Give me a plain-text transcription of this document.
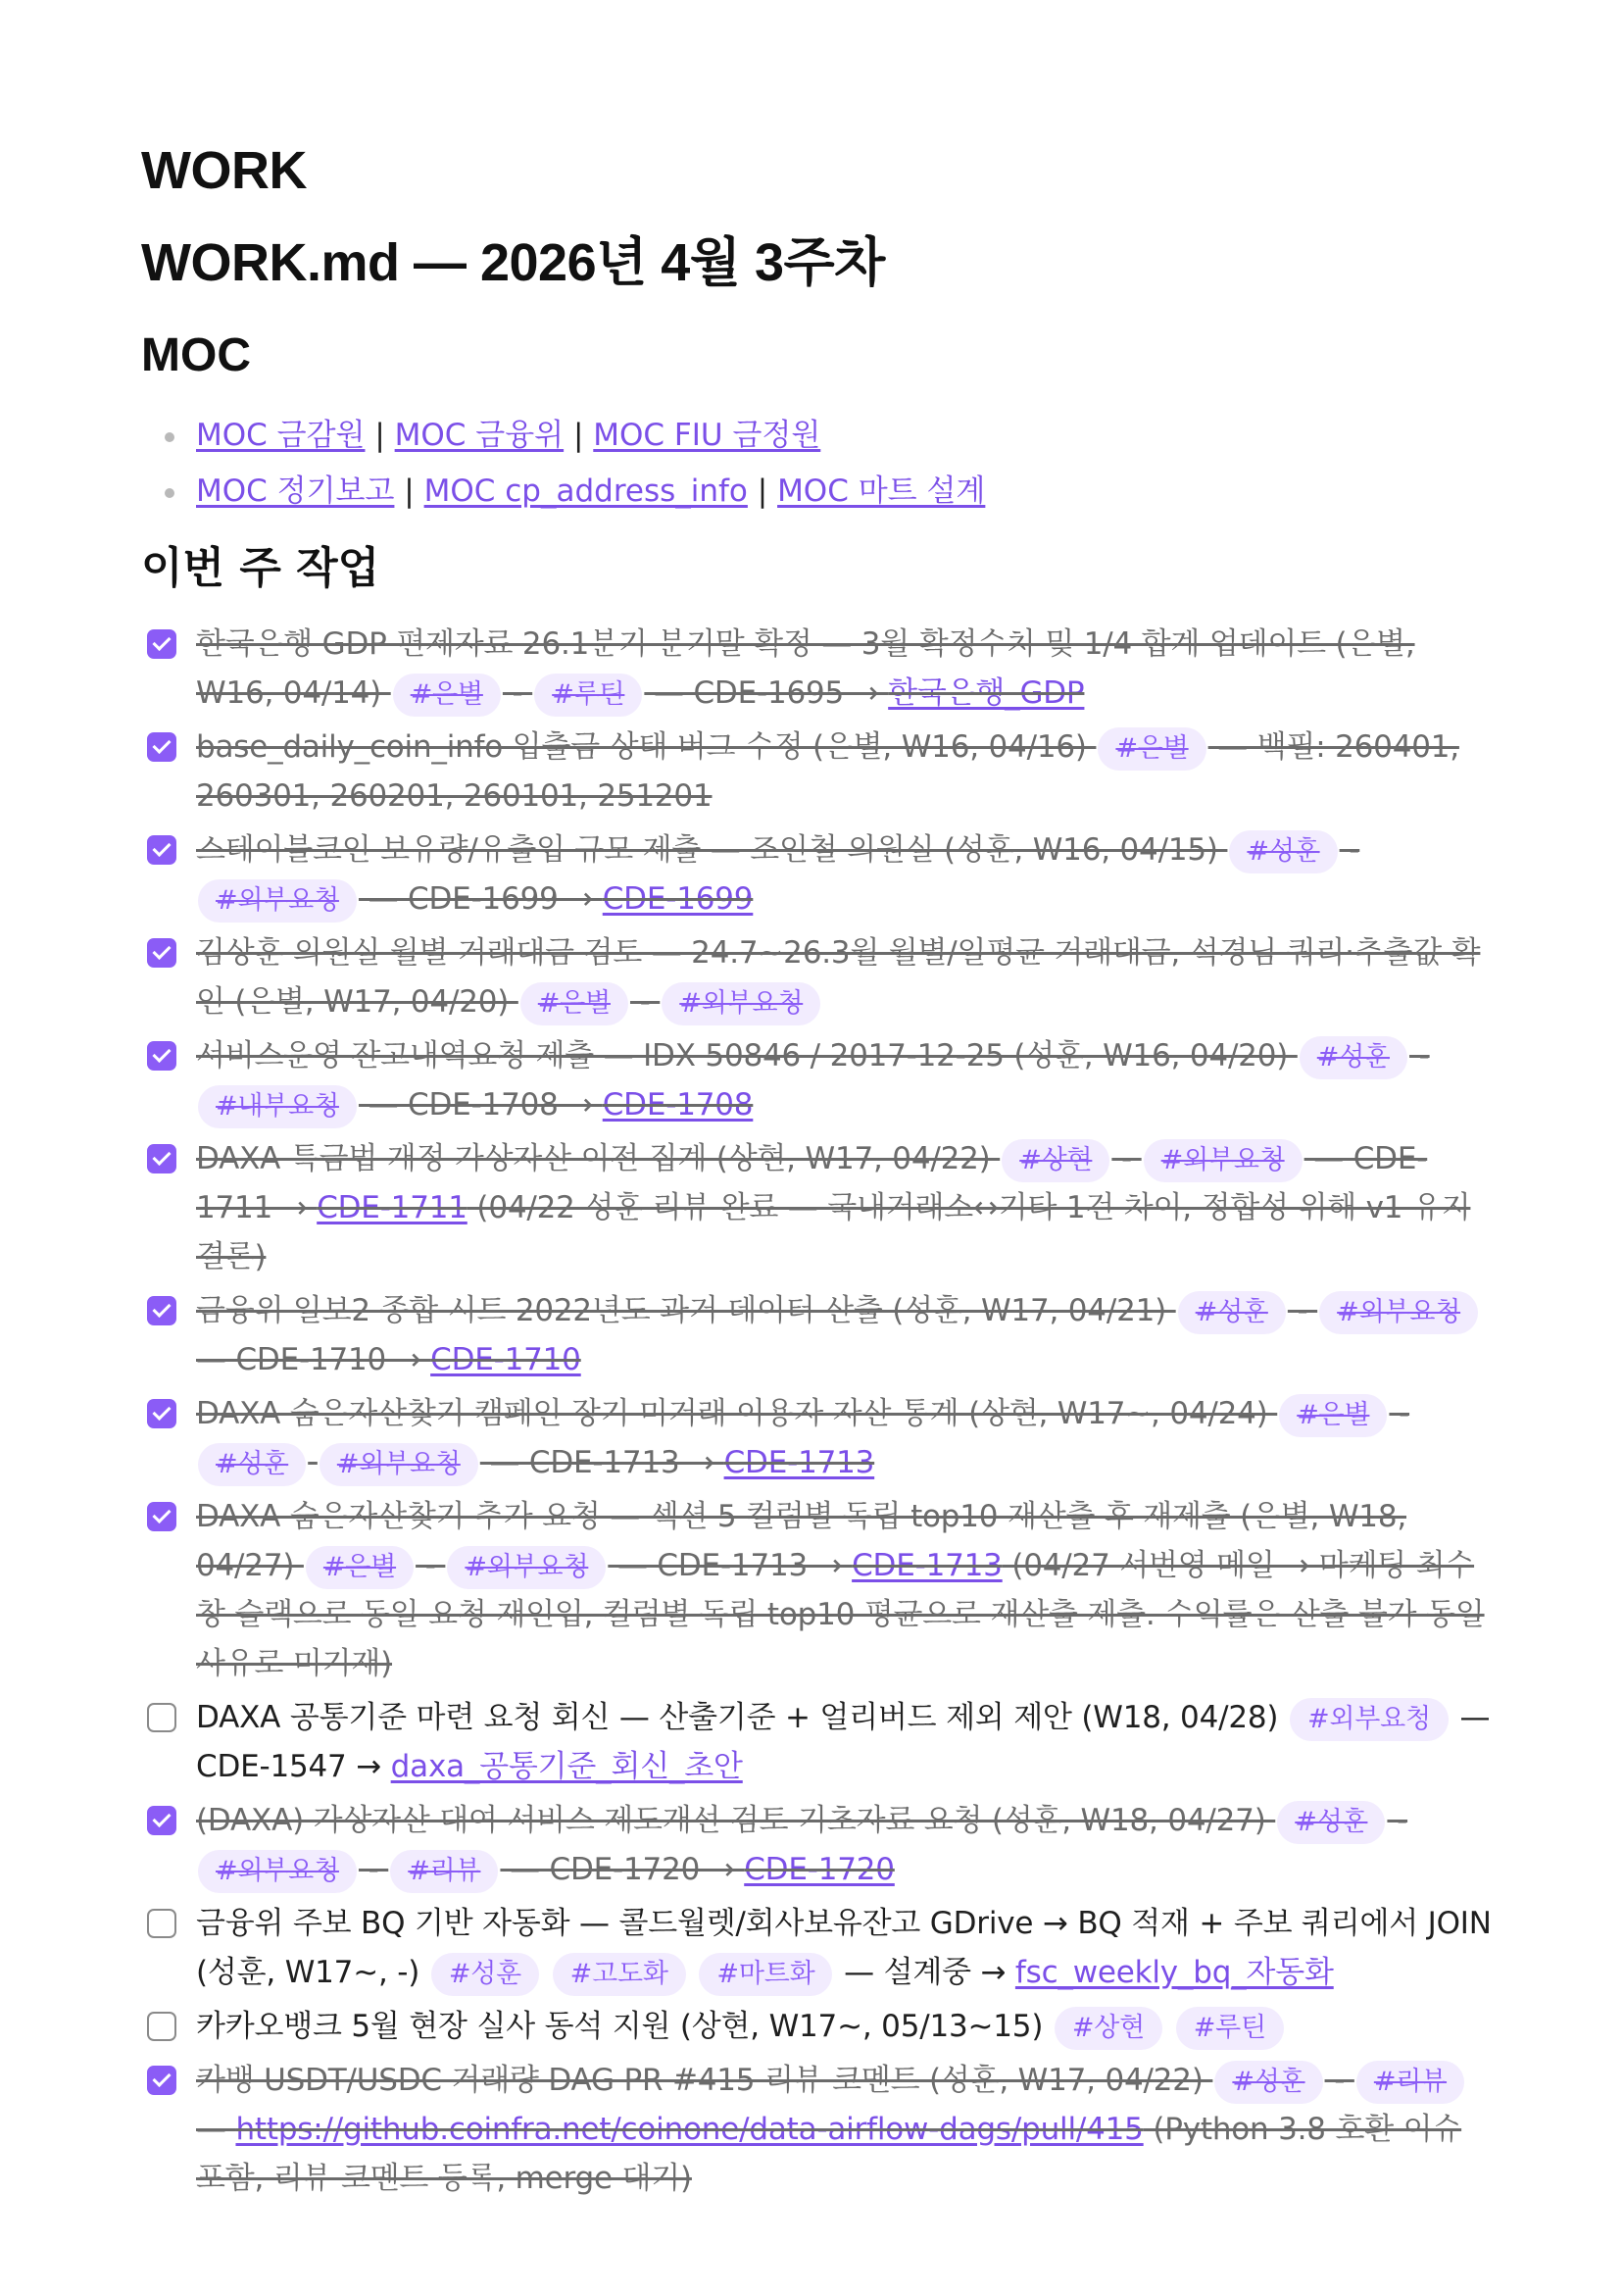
WORK
WORK.md — 2026년 4월 3주차
MOC
MOC 금감원 | MOC 금융위 | MOC FIU 금정원
MOC 정기보고 | MOC cp_address_info | MOC 마트 설계
이번 주 작업
한국은행 GDP 편제자료 26.1분기 분기말 확정 — 3월 확정수치 및 1/4 합계 업데이트 (은별, W16, 04/14) #은별 - #루틴 — CDE-1695 → 한국은행_GDP
base_daily_coin_info 입출금 상태 버그 수정 (은별, W16, 04/16) #은별 — 백필: 260401, 260301, 260201, 260101, 251201
스테이블코인 보유량/유출입 규모 제출 — 조인철 의원실 (성훈, W16, 04/15) #성훈 - #외부요청 — CDE-1699 → CDE-1699
김상훈 의원실 월별 거래대금 검토 — 24.7~26.3월 월별/일평균 거래대금, 석경님 쿼리·추출값 확인 (은별, W17, 04/20) #은별 - #외부요청
서비스운영 잔고내역요청 제출 — IDX 50846 / 2017-12-25 (성훈, W16, 04/20) #성훈 - #내부요청 — CDE-1708 → CDE-1708
DAXA 특금법 개정 가상자산 이전 집계 (상현, W17, 04/22) #상현 - #외부요청 — CDE-1711 → CDE-1711 (04/22 성훈 리뷰 완료 — 국내거래소↔기타 1건 차이, 정합성 위해 v1 유지 결론)
금융위 일보2 종합 시트 2022년도 과거 데이터 산출 (성훈, W17, 04/21) #성훈 - #외부요청 — CDE-1710 → CDE-1710
DAXA 숨은자산찾기 캠페인 장기 미거래 이용자 자산 통계 (상현, W17~, 04/24) #은별 - #성훈 #외부요청 — CDE-1713 → CDE-1713
DAXA 숨은자산찾기 추가 요청 — 섹션 5 컬럼별 독립 top10 재산출 후 재제출 (은별, W18, 04/27) #은별 - #외부요청 — CDE-1713 → CDE-1713 (04/27 서번영 메일 → 마케팅 최수창 슬랙으로 동일 요청 재인입, 컬럼별 독립 top10 평균으로 재산출 제출. 수익률은 산출 불가 동일 사유로 미기재)
DAXA 공통기준 마련 요청 회신 — 산출기준 + 얼리버드 제외 제안 (W18, 04/28) #외부요청 — CDE-1547 → daxa_공통기준_회신_초안
(DAXA) 가상자산 대여 서비스 제도개선 검토 기초자료 요청 (성훈, W18, 04/27) #성훈 - #외부요청 - #리뷰 — CDE-1720 → CDE-1720
금융위 주보 BQ 기반 자동화 — 콜드월렛/회사보유잔고 GDrive → BQ 적재 + 주보 쿼리에서 JOIN (성훈, W17~, -) #성훈 #고도화 #마트화 — 설계중 → fsc_weekly_bq_자동화
카카오뱅크 5월 현장 실사 동석 지원 (상현, W17~, 05/13~15) #상현 #루틴
카뱅 USDT/USDC 거래량 DAG PR #415 리뷰 코멘트 (성훈, W17, 04/22) #성훈 - #리뷰 — https://github.coinfra.net/coinone/data-airflow-dags/pull/415 (Python 3.8 호환 이슈 포함, 리뷰 코멘트 등록, merge 대기)
